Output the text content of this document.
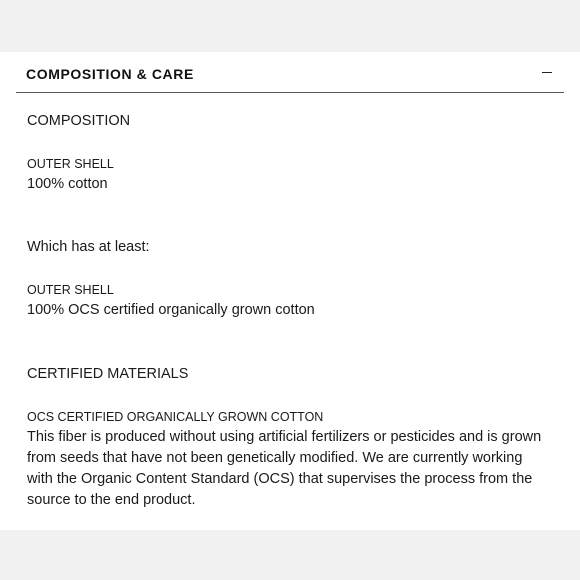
COMPOSITION & CARE
COMPOSITION
OUTER SHELL
100% cotton
Which has at least:
OUTER SHELL
100% OCS certified organically grown cotton
CERTIFIED MATERIALS
OCS CERTIFIED ORGANICALLY GROWN COTTON
This fiber is produced without using artificial fertilizers or pesticides and is grown from seeds that have not been genetically modified. We are currently working with the Organic Content Standard (OCS) that supervises the process from the source to the end product.
